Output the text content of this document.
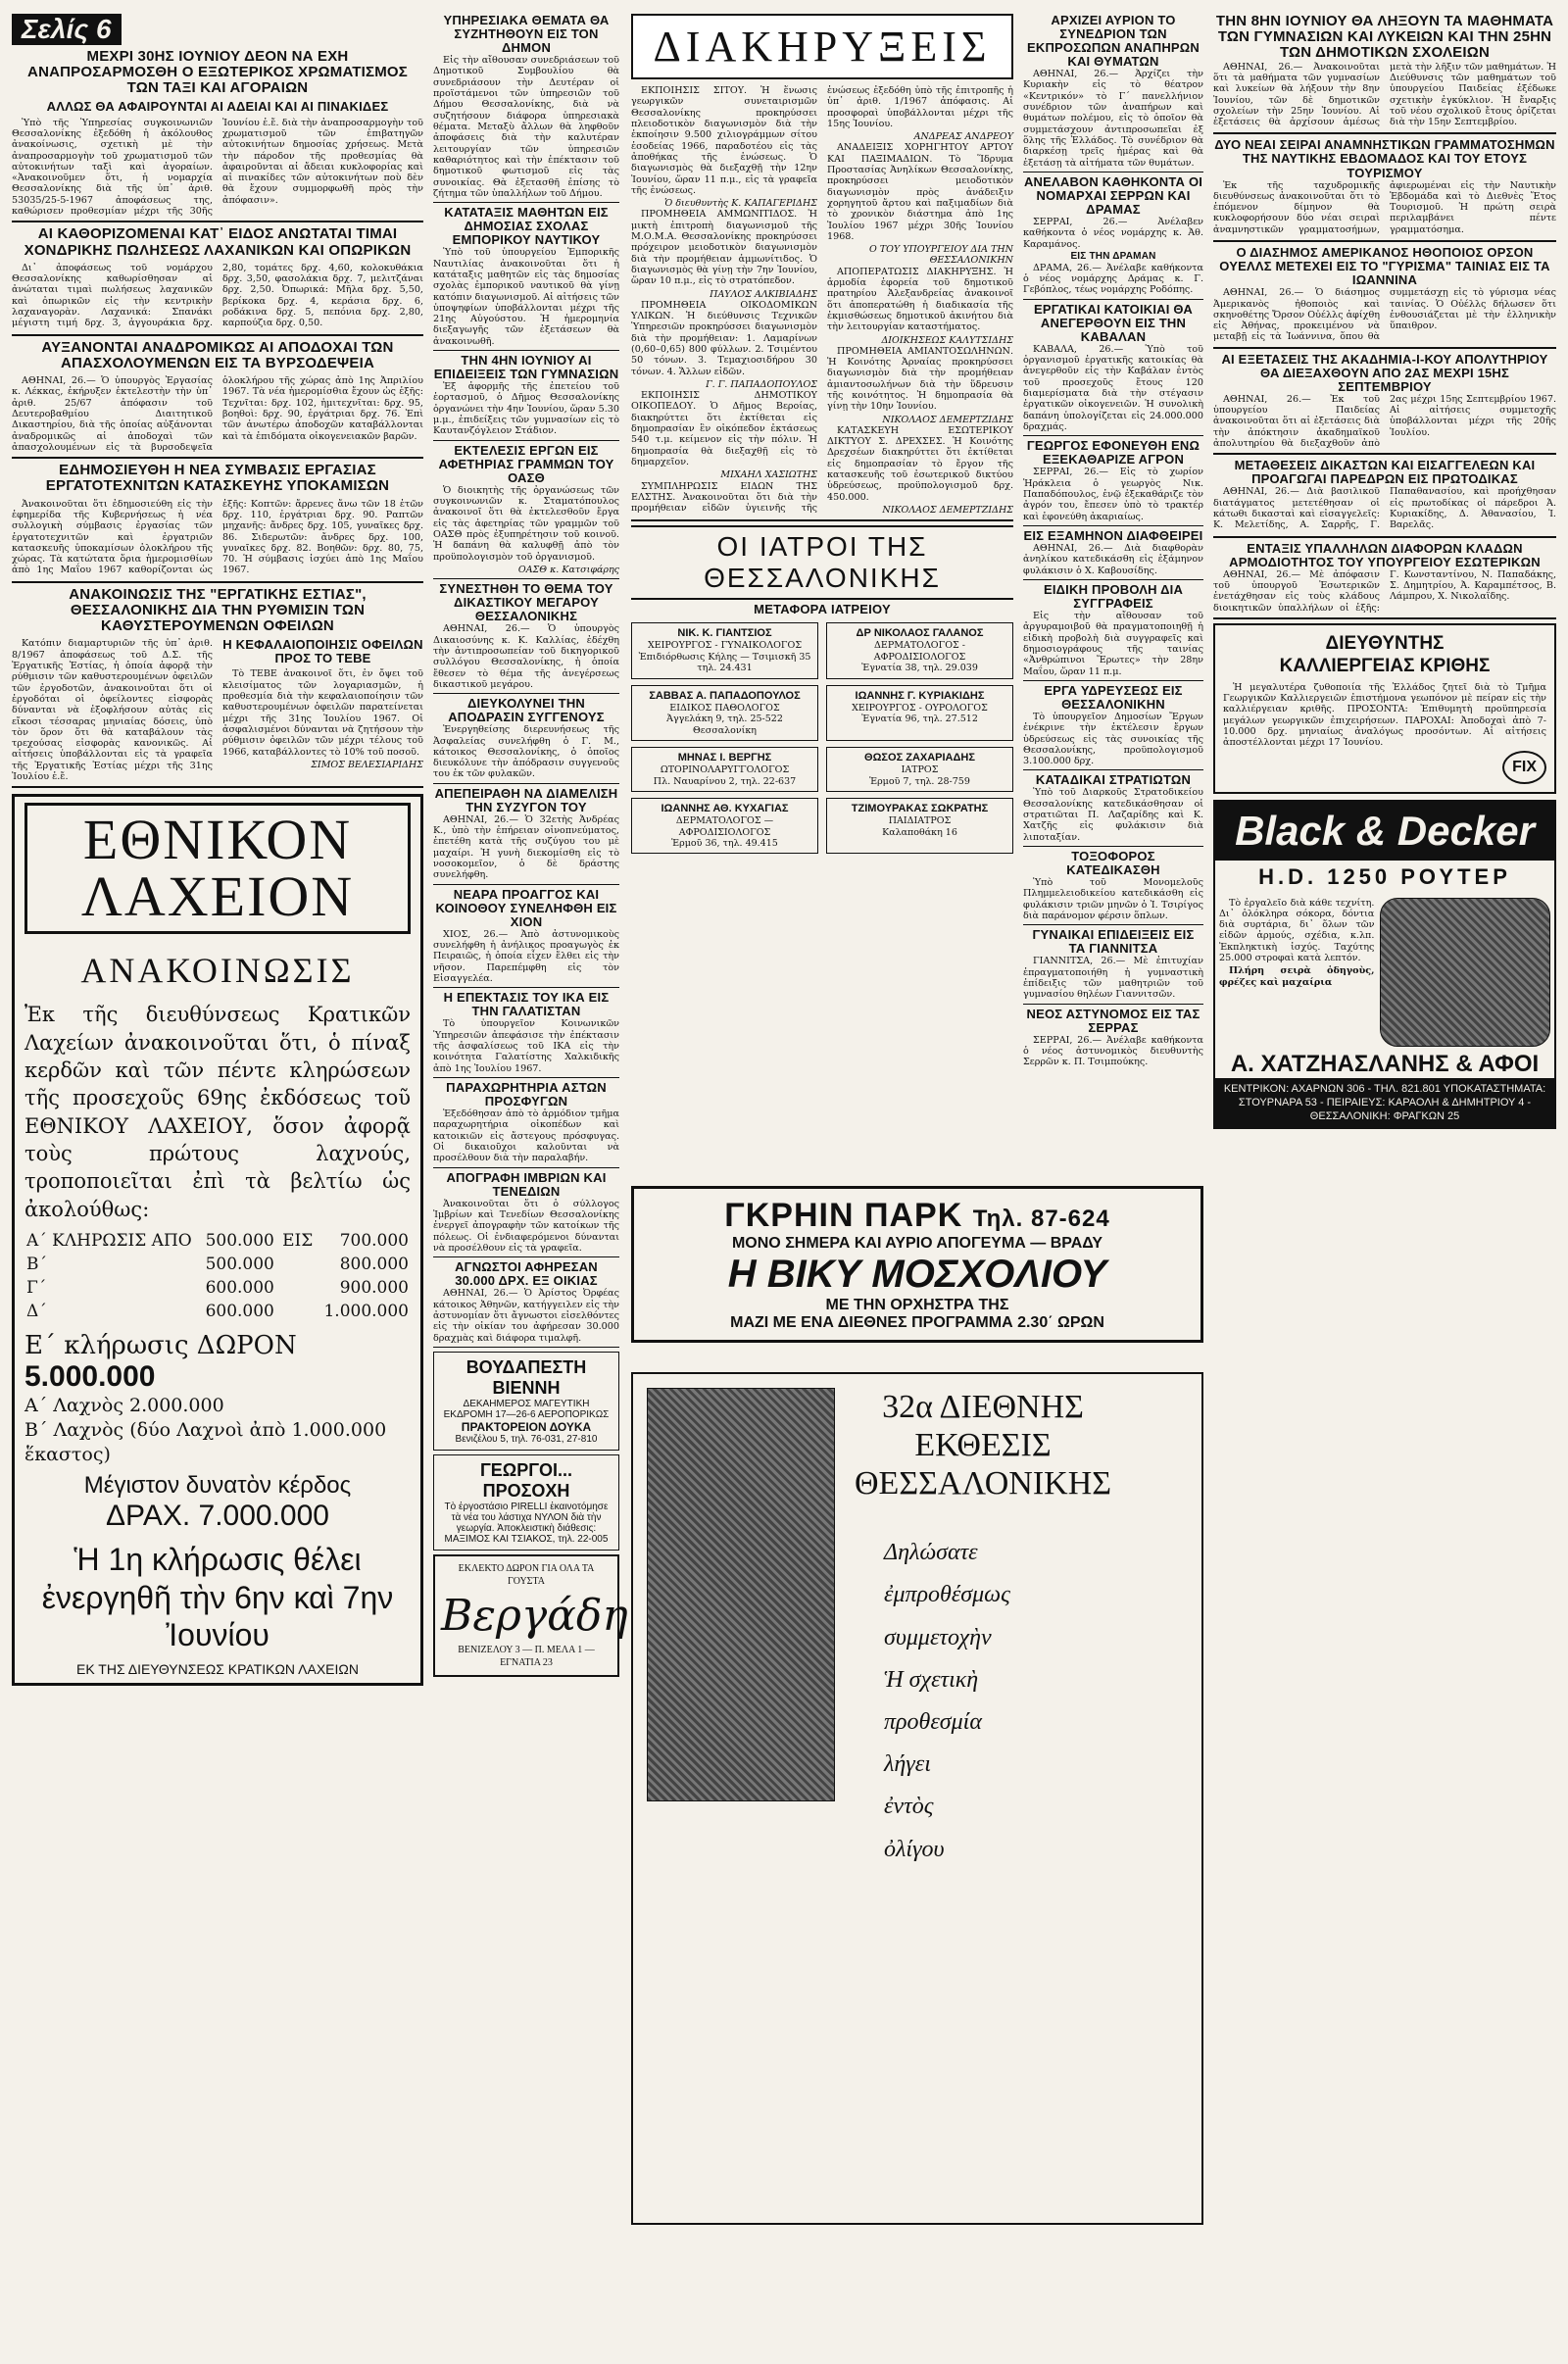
Σελίς 6
ΜΕΧΡΙ 30ΗΣ ΙΟΥΝΙΟΥ ΔΕΟΝ ΝΑ ΕΧΗ ΑΝΑΠΡΟΣΑΡΜΟΣΘΗ Ο ΕΞΩΤΕΡΙΚΟΣ ΧΡΩΜΑΤΙΣΜΟΣ ΤΩΝ ΤΑΞΙ ΚΑΙ ΑΓΟΡΑΙΩΝ
ΑΛΛΩΣ ΘΑ ΑΦΑΙΡΟΥΝΤΑΙ ΑΙ ΑΔΕΙΑΙ ΚΑΙ ΑΙ ΠΙΝΑΚΙΔΕΣ

Ὑπὸ τῆς Ὑπηρεσίας συγκοινωνιῶν Θεσσαλονίκης ἐξεδόθη ἡ ἀκόλουθος ἀνακοίνωσις, σχετικὴ μὲ τὴν ἀναπροσαρμογὴν τοῦ χρωματισμοῦ τῶν αὐτοκινήτων ταξὶ καὶ ἀγοραίων. «Ἀνακοινοῦμεν ὅτι, ἡ νομαρχία Θεσσαλονίκης διὰ τῆς ὑπ᾽ ἀριθ. 53035/25-5-1967 ἀποφάσεως της, καθώρισεν προθεσμίαν μέχρι τῆς 30ῆς Ἰουνίου ἐ.ἔ. διὰ τὴν ἀναπροσαρμογὴν τοῦ χρωματισμοῦ τῶν ἐπιβατηγῶν αὐτοκινήτων δημοσίας χρήσεως. Μετὰ τὴν πάροδον τῆς προθεσμίας θὰ ἀφαιροῦνται αἱ ἄδειαι κυκλοφορίας καὶ αἱ πινακίδες τῶν αὐτοκινήτων ποὺ δὲν θὰ ἔχουν συμμορφωθῆ πρὸς τὴν ἀπόφασιν».

ΑΙ ΚΑΘΟΡΙΖΟΜΕΝΑΙ ΚΑΤ᾽ ΕΙΔΟΣ ΑΝΩΤΑΤΑΙ ΤΙΜΑΙ ΧΟΝΔΡΙΚΗΣ ΠΩΛΗΣΕΩΣ ΛΑΧΑΝΙΚΩΝ ΚΑΙ ΟΠΩΡΙΚΩΝ

Δι᾽ ἀποφάσεως τοῦ νομάρχου Θεσσαλονίκης καθωρίσθησαν αἱ ἀνώταται τιμαὶ πωλήσεως λαχανικῶν καὶ ὀπωρικῶν εἰς τὴν κεντρικὴν λαχαναγορὰν. Λαχανικά: Σπανάκι μέγιστη τιμή δρχ. 3, ἀγγουράκια δρχ. 2,80, τομάτες δρχ. 4,60, κολοκυθάκια δρχ. 3,50, φασολάκια δρχ. 7, μελιτζάναι δρχ. 2,50. Ὀπωρικά: Μῆλα δρχ. 5,50, βερίκοκα δρχ. 4, κεράσια δρχ. 6, ροδάκινα δρχ. 5, πεπόνια δρχ. 2,80, καρπούζια δρχ. 0,50.

ΑΥΞΑΝΟΝΤΑΙ ΑΝΑΔΡΟΜΙΚΩΣ ΑΙ ΑΠΟΔΟΧΑΙ ΤΩΝ ΑΠΑΣΧΟΛΟΥΜΕΝΩΝ ΕΙΣ ΤΑ ΒΥΡΣΟΔΕΨΕΙΑ

ΑΘΗΝΑΙ, 26.— Ὁ ὑπουργὸς Ἐργασίας κ. Λέκκας, ἐκήρυξεν ἐκτελεστὴν τὴν ὑπ᾽ ἀριθ. 25/67 ἀπόφασιν τοῦ Δευτεροβαθμίου Διαιτητικοῦ Δικαστηρίου, διὰ τῆς ὁποίας αὐξάνονται ἀναδρομικῶς αἱ ἀποδοχαὶ τῶν ἀπασχολουμένων εἰς τὰ βυρσοδεψεῖα ὁλοκλήρου τῆς χώρας ἀπὸ 1ης Ἀπριλίου 1967. Τὰ νέα ἡμερομίσθια ἔχουν ὡς ἑξῆς: Τεχνῖται: δρχ. 102, ἡμιτεχνῖται: δρχ. 95, βοηθοὶ: δρχ. 90, ἐργάτριαι δρχ. 76. Ἐπὶ τῶν ἀνωτέρω ἀποδοχῶν καταβάλλονται καὶ τὰ ἐπιδόματα οἰκογενειακῶν βαρῶν.

ΕΔΗΜΟΣΙΕΥΘΗ Η ΝΕΑ ΣΥΜΒΑΣΙΣ ΕΡΓΑΣΙΑΣ ΕΡΓΑΤΟΤΕΧΝΙΤΩΝ ΚΑΤΑΣΚΕΥΗΣ ΥΠΟΚΑΜΙΣΩΝ

Ἀνακοινοῦται ὅτι ἐδημοσιεύθη εἰς τὴν ἐφημερίδα τῆς Κυβερνήσεως ἡ νέα συλλογικὴ σύμβασις ἐργασίας τῶν ἐργατοτεχνιτῶν καὶ ἐργατριῶν κατασκευῆς ὑποκαμίσων ὁλοκλήρου τῆς χώρας. Τὰ κατώτατα ὅρια ἡμερομισθίων ἀπὸ 1ης Μαΐου 1967 καθορίζονται ὡς ἑξῆς: Κοπτῶν: ἄρρενες ἄνω τῶν 18 ἐτῶν δρχ. 110, ἐργάτριαι δρχ. 90. Ραπτῶν μηχανῆς: ἄνδρες δρχ. 105, γυναῖκες δρχ. 86. Σιδερωτῶν: ἄνδρες δρχ. 100, γυναῖκες δρχ. 82. Βοηθῶν: δρχ. 80, 75, 70. Ἡ σύμβασις ἰσχύει ἀπὸ 1ης Μαΐου 1967.

ΑΝΑΚΟΙΝΩΣΙΣ ΤΗΣ "ΕΡΓΑΤΙΚΗΣ ΕΣΤΙΑΣ", ΘΕΣΣΑΛΟΝΙΚΗΣ ΔΙΑ ΤΗΝ ΡΥΘΜΙΣΙΝ ΤΩΝ ΚΑΘΥΣΤΕΡΟΥΜΕΝΩΝ ΟΦΕΙΛΩΝ

Κατόπιν διαμαρτυριῶν τῆς ὑπ᾽ ἀριθ. 8/1967 ἀποφάσεως τοῦ Δ.Σ. τῆς Ἐργατικῆς Ἑστίας, ἡ ὁποία ἀφορᾷ τὴν ρύθμισιν τῶν καθυστερουμένων ὀφειλῶν τῶν ἐργοδοτῶν, ἀνακοινοῦται ὅτι οἱ ἐργοδόται οἱ ὀφείλοντες εἰσφορὰς δύνανται νὰ ἐξοφλήσουν αὐτὰς εἰς εἴκοσι τέσσαρας μηνιαίας δόσεις, ὑπὸ τὸν ὅρον ὅτι θὰ καταβάλουν τὰς τρεχούσας εἰσφορὰς κανονικῶς. Αἱ αἰτήσεις ὑποβάλλονται εἰς τὰ γραφεῖα τῆς Ἐργατικῆς Ἑστίας μέχρι τῆς 31ης Ἰουλίου ἐ.ἔ.

Η ΚΕΦΑΛΑΙΟΠΟΙΗΣΙΣ ΟΦΕΙΛΩΝ ΠΡΟΣ ΤΟ ΤΕΒΕ

Τὸ ΤΕΒΕ ἀνακοινοῖ ὅτι, ἐν ὄψει τοῦ κλεισίματος τῶν λογαριασμῶν, ἡ προθεσμία διὰ τὴν κεφαλαιοποίησιν τῶν καθυστερουμένων ὀφειλῶν παρατείνεται μέχρι τῆς 31ης Ἰουλίου 1967. Οἱ ἀσφαλισμένοι δύνανται νὰ ζητήσουν τὴν ρύθμισιν ὀφειλῶν τῶν μέχρι τέλους τοῦ 1966, καταβάλλοντες τὸ 10% τοῦ ποσοῦ.

ΣΙΜΟΣ ΒΕΛΕΣΙΑΡΙΔΗΣ
ΕΘΝΙΚΟΝ ΛΑΧΕΙΟΝ
ΑΝΑΚΟΙΝΩΣΙΣ
Ἐκ τῆς διευθύνσεως Κρατικῶν Λαχείων ἀνακοινοῦται ὅτι, ὁ πίναξ κερδῶν καὶ τῶν πέντε κληρώσεων τῆς προσεχοῦς 69ης ἐκδόσεως τοῦ ΕΘΝΙΚΟΥ ΛΑΧΕΙΟΥ, ὅσον ἀφορᾷ τοὺς πρώτους λαχνούς, τροποποιεῖται ἐπὶ τὰ βελτίω ὡς ἀκολούθως:
Α΄ ΚΛΗΡΩΣΙΣ ΑΠΟ	500.000	ΕΙΣ	700.000
Β΄	500.000		800.000
Γ΄	600.000		900.000
Δ΄	600.000		1.000.000
Ε΄ κλήρωσις ΔΩΡΟΝ 5.000.000
Α΄ Λαχνὸς 2.000.000
Β΄ Λαχνὸς (δύο Λαχνοὶ ἀπὸ 1.000.000 ἕκαστος)
Μέγιστον δυνατὸν κέρδος
ΔΡΑΧ. 7.000.000
Ἡ 1η κλήρωσις θέλει ἐνεργηθῆ τὴν 6ην καὶ 7ην Ἰουνίου
ΕΚ ΤΗΣ ΔΙΕΥΘΥΝΣΕΩΣ ΚΡΑΤΙΚΩΝ ΛΑΧΕΙΩΝ
ΥΠΗΡΕΣΙΑΚΑ ΘΕΜΑΤΑ ΘΑ ΣΥΖΗΤΗΘΟΥΝ ΕΙΣ ΤΟΝ ΔΗΜΟΝ

Εἰς τὴν αἴθουσαν συνεδριάσεων τοῦ Δημοτικοῦ Συμβουλίου θὰ συνεδριάσουν τὴν Δευτέραν οἱ προϊστάμενοι τῶν ὑπηρεσιῶν τοῦ Δήμου Θεσσαλονίκης, διὰ νὰ συζητήσουν διάφορα ὑπηρεσιακὰ θέματα. Μεταξὺ ἄλλων θὰ ληφθοῦν ἀποφάσεις διὰ τὴν καλυτέραν λειτουργίαν τῶν ὑπηρεσιῶν καθαριότητος καὶ τὴν ἐπέκτασιν τοῦ δημοτικοῦ φωτισμοῦ εἰς τὰς συνοικίας. Θὰ ἐξετασθῆ ἐπίσης τὸ ζήτημα τῶν ὑπαλλήλων τοῦ Δήμου.

ΚΑΤΑΤΑΞΙΣ ΜΑΘΗΤΩΝ ΕΙΣ ΔΗΜΟΣΙΑΣ ΣΧΟΛΑΣ ΕΜΠΟΡΙΚΟΥ ΝΑΥΤΙΚΟΥ

Ὑπὸ τοῦ ὑπουργείου Ἐμπορικῆς Ναυτιλίας ἀνακοινοῦται ὅτι ἡ κατάταξις μαθητῶν εἰς τὰς δημοσίας σχολὰς ἐμπορικοῦ ναυτικοῦ θὰ γίνῃ κατόπιν διαγωνισμοῦ. Αἱ αἰτήσεις τῶν ὑποψηφίων ὑποβάλλονται μέχρι τῆς 21ης Αὐγούστου. Ἡ ἡμερομηνία διεξαγωγῆς τῶν ἐξετάσεων θὰ ἀνακοινωθῆ.

ΤΗΝ 4ΗΝ ΙΟΥΝΙΟΥ ΑΙ ΕΠΙΔΕΙΞΕΙΣ ΤΩΝ ΓΥΜΝΑΣΙΩΝ

Ἐξ ἀφορμῆς τῆς ἐπετείου τοῦ ἑορτασμοῦ, ὁ Δῆμος Θεσσαλονίκης ὀργανώνει τὴν 4ην Ἰουνίου, ὥραν 5.30 μ.μ., ἐπιδείξεις τῶν γυμνασίων εἰς τὸ Καυτανζόγλειον Στάδιον.

ΕΚΤΕΛΕΣΙΣ ΕΡΓΩΝ ΕΙΣ ΑΦΕΤΗΡΙΑΣ ΓΡΑΜΜΩΝ ΤΟΥ ΟΑΣΘ

Ὁ διοικητὴς τῆς ὀργανώσεως τῶν συγκοινωνιῶν κ. Σταματόπουλος ἀνακοινοῖ ὅτι θὰ ἐκτελεσθοῦν ἔργα εἰς τὰς ἀφετηρίας τῶν γραμμῶν τοῦ ΟΑΣΘ πρὸς ἐξυπηρέτησιν τοῦ κοινοῦ. Ἡ δαπάνη θὰ καλυφθῇ ἀπὸ τὸν προϋπολογισμὸν τοῦ ὀργανισμοῦ.

ΟΑΣΘ κ. Κατσιφάρης
ΣΥΝΕΣΤΗΘΗ ΤΟ ΘΕΜΑ ΤΟΥ ΔΙΚΑΣΤΙΚΟΥ ΜΕΓΑΡΟΥ ΘΕΣΣΑΛΟΝΙΚΗΣ

ΑΘΗΝΑΙ, 26.— Ὁ ὑπουργὸς Δικαιοσύνης κ. Κ. Καλλίας, ἐδέχθη τὴν ἀντιπροσωπείαν τοῦ δικηγορικοῦ συλλόγου Θεσσαλονίκης, ἡ ὁποία ἔθεσεν τὸ θέμα τῆς ἀνεγέρσεως δικαστικοῦ μεγάρου.

ΔΙΕΥΚΟΛΥΝΕΙ ΤΗΝ ΑΠΟΔΡΑΣΙΝ ΣΥΓΓΕΝΟΥΣ

Ἐνεργηθείσης διερευνήσεως τῆς Ἀσφαλείας συνελήφθη ὁ Γ. Μ., κάτοικος Θεσσαλονίκης, ὁ ὁποῖος διευκόλυνε τὴν ἀπόδρασιν συγγενοῦς του ἐκ τῶν φυλακῶν.

ΑΠΕΠΕΙΡΑΘΗ ΝΑ ΔΙΑΜΕΛΙΣΗ ΤΗΝ ΣΥΖΥΓΟΝ ΤΟΥ

ΑΘΗΝΑΙ, 26.— Ὁ 32ετὴς Ἀνδρέας Κ., ὑπὸ τὴν ἐπήρειαν οἰνοπνεύματος, ἐπετέθη κατὰ τῆς συζύγου του μὲ μαχαίρι. Ἡ γυνὴ διεκομίσθη εἰς τὸ νοσοκομεῖον, ὁ δὲ δράστης συνελήφθη.

ΝΕΑΡΑ ΠΡΟΑΓΓΟΣ ΚΑΙ ΚΟΙΝΟΘΟΥ ΣΥΝΕΛΗΦΘΗ ΕΙΣ ΧΙΟΝ

ΧΙΟΣ, 26.— Ἀπὸ ἀστυνομικοὺς συνελήφθη ἡ ἀνήλικος προαγωγὸς ἐκ Πειραιῶς, ἡ ὁποία εἶχεν ἔλθει εἰς τὴν νῆσον. Παρεπέμφθη εἰς τὸν Εἰσαγγελέα.

Η ΕΠΕΚΤΑΣΙΣ ΤΟΥ ΙΚΑ ΕΙΣ ΤΗΝ ΓΑΛΑΤΙΣΤΑΝ

Τὸ ὑπουργεῖον Κοινωνικῶν Ὑπηρεσιῶν ἀπεφάσισε τὴν ἐπέκτασιν τῆς ἀσφαλίσεως τοῦ ΙΚΑ εἰς τὴν κοινότητα Γαλατίστης Χαλκιδικῆς ἀπὸ 1ης Ἰουλίου 1967.

ΠΑΡΑΧΩΡΗΤΗΡΙΑ ΑΣΤΩΝ ΠΡΟΣΦΥΓΩΝ

Ἐξεδόθησαν ἀπὸ τὸ ἁρμόδιον τμῆμα παραχωρητήρια οἰκοπέδων καὶ κατοικιῶν εἰς ἄστεγους πρόσφυγας. Οἱ δικαιοῦχοι καλοῦνται νὰ προσέλθουν διὰ τὴν παραλαβήν.

ΑΠΟΓΡΑΦΗ ΙΜΒΡΙΩΝ ΚΑΙ ΤΕΝΕΔΙΩΝ

Ἀνακοινοῦται ὅτι ὁ σύλλογος Ἰμβρίων καὶ Τενεδίων Θεσσαλονίκης ἐνεργεῖ ἀπογραφὴν τῶν κατοίκων τῆς πόλεως. Οἱ ἐνδιαφερόμενοι δύνανται νὰ προσέλθουν εἰς τὰ γραφεῖα.

ΑΓΝΩΣΤΟΙ ΑΦΗΡΕΣΑΝ 30.000 ΔΡΧ. ΕΞ ΟΙΚΙΑΣ

ΑΘΗΝΑΙ, 26.— Ὁ Ἀρίστος Ὀρφέας κάτοικος Ἀθηνῶν, κατήγγειλεν εἰς τὴν ἀστυνομίαν ὅτι ἄγνωστοι εἰσελθόντες εἰς τὴν οἰκίαν του ἀφήρεσαν 30.000 δραχμὰς καὶ διάφορα τιμαλφῆ.

ΒΟΥΔΑΠΕΣΤΗ
ΒΙΕΝΝΗ
ΔΕΚΑΗΜΕΡΟΣ ΜΑΓΕΥΤΙΚΗ ΕΚΔΡΟΜΗ 17—26-6 ΑΕΡΟΠΟΡΙΚΩΣ
ΠΡΑΚΤΟΡΕΙΟΝ ΔΟΥΚΑ
Βενιζέλου 5, τηλ. 76-031, 27-810
ΓΕΩΡΓΟΙ... ΠΡΟΣΟΧΗ
Τὸ ἐργοστάσιο PIRELLI ἐκαινοτόμησε τὰ νέα του λάστιχα ΝΥΛΟΝ διὰ τὴν γεωργία. Ἀποκλειστικὴ διάθεσις: ΜΑΞΙΜΟΣ ΚΑΙ ΤΣΙΑΚΟΣ, τηλ. 22-005
ΕΚΛΕΚΤΟ ΔΩΡΟΝ ΓΙΑ ΟΛΑ ΤΑ ΓΟΥΣΤΑ
Βεργάδη
ΒΕΝΙΖΕΛΟΥ 3 — Π. ΜΕΛΑ 1 — ΕΓΝΑΤΙΑ 23
ΔΙΑΚΗΡΥΞΕΙΣ

ΕΚΠΟΙΗΣΙΣ ΣΙΤΟΥ. Ἡ ἕνωσις γεωργικῶν συνεταιρισμῶν Θεσσαλονίκης προκηρύσσει πλειοδοτικὸν διαγωνισμὸν διὰ τὴν ἐκποίησιν 9.500 χιλιογράμμων σίτου ἐσοδείας 1966, παραδοτέου εἰς τὰς ἀποθήκας τῆς ἑνώσεως. Ὁ διαγωνισμὸς θὰ διεξαχθῇ τὴν 12ην Ἰουνίου, ὥραν 11 π.μ., εἰς τὰ γραφεῖα τῆς ἑνώσεως.

Ὁ διευθυντὴς Κ. ΚΑΠΑΓΕΡΙΔΗΣ

ΠΡΟΜΗΘΕΙΑ ΑΜΜΩΝΙΤΙΔΟΣ. Ἡ μικτὴ ἐπιτροπὴ διαγωνισμοῦ τῆς Μ.Ο.Μ.Α. Θεσσαλονίκης προκηρύσσει πρόχειρον μειοδοτικὸν διαγωνισμὸν διὰ τὴν προμήθειαν ἀμμωνίτιδος. Ὁ διαγωνισμὸς θὰ γίνῃ τὴν 7ην Ἰουνίου, ὥραν 10 π.μ., εἰς τὸ στρατόπεδον.

ΠΑΥΛΟΣ ΑΛΚΙΒΙΑΔΗΣ

ΠΡΟΜΗΘΕΙΑ ΟΙΚΟΔΟΜΙΚΩΝ ΥΛΙΚΩΝ. Ἡ διεύθυνσις Τεχνικῶν Ὑπηρεσιῶν προκηρύσσει διαγωνισμὸν διὰ τὴν προμήθειαν: 1. Λαμαρίνων (0,60–0,65) 800 φύλλων. 2. Τσιμέντου 50 τόνων. 3. Τεμαχιοσιδήρου 30 τόνων. 4. Ἄλλων εἰδῶν.

Γ. Γ. ΠΑΠΑΔΟΠΟΥΛΟΣ

ΕΚΠΟΙΗΣΙΣ ΔΗΜΟΤΙΚΟΥ ΟΙΚΟΠΕΔΟΥ. Ὁ Δῆμος Βεροίας, διακηρύττει ὅτι ἐκτίθεται εἰς δημοπρασίαν ἓν οἰκόπεδον ἐκτάσεως 540 τ.μ. κείμενον εἰς τὴν πόλιν. Ἡ δημοπρασία θὰ διεξαχθῇ εἰς τὸ δημαρχεῖον.

ΜΙΧΑΗΛ ΧΑΣΙΩΤΗΣ

ΣΥΜΠΛΗΡΩΣΙΣ ΕΙΔΩΝ ΤΗΣ ΕΛΣΤΗΣ. Ἀνακοινοῦται ὅτι διὰ τὴν προμήθειαν εἰδῶν ὑγιεινῆς τῆς ἑνώσεως ἐξεδόθη ὑπὸ τῆς ἐπιτροπῆς ἡ ὑπ᾽ ἀριθ. 1/1967 ἀπόφασις. Αἱ προσφοραὶ ὑποβάλλονται μέχρι τῆς 15ης Ἰουνίου.

ΑΝΔΡΕΑΣ ΑΝΔΡΕΟΥ

ΑΝΑΔΕΙΞΙΣ ΧΟΡΗΓΗΤΟΥ ΑΡΤΟΥ ΚΑΙ ΠΑΞΙΜΑΔΙΩΝ. Τὸ Ἵδρυμα Προστασίας Ἀνηλίκων Θεσσαλονίκης, προκηρύσσει μειοδοτικὸν διαγωνισμὸν πρὸς ἀνάδειξιν χορηγητοῦ ἄρτου καὶ παξιμαδίων διὰ τὸ χρονικὸν διάστημα ἀπὸ 1ης Ἰουλίου 1967 μέχρι 30ῆς Ἰουνίου 1968.

Ο ΤΟΥ ΥΠΟΥΡΓΕΙΟΥ ΔΙΑ ΤΗΝ ΘΕΣΣΑΛΟΝΙΚΗΝ

ΑΠΟΠΕΡΑΤΩΣΙΣ ΔΙΑΚΗΡΥΞΗΣ. Ἡ ἁρμοδία ἐφορεία τοῦ δημοτικοῦ πρατηρίου Ἀλεξανδρείας ἀνακοινοῖ ὅτι ἀποπερατώθη ἡ διαδικασία τῆς ἐκμισθώσεως δημοτικοῦ ἀκινήτου διὰ τὴν λειτουργίαν καταστήματος.

ΔΙΟΙΚΗΣΕΩΣ ΚΑΛΥΤΣΙΔΗΣ

ΠΡΟΜΗΘΕΙΑ ΑΜΙΑΝΤΟΣΩΛΗΝΩΝ. Ἡ Κοινότης Ἀρναίας προκηρύσσει διαγωνισμὸν διὰ τὴν προμήθειαν ἀμιαντοσωλήνων διὰ τὴν ὕδρευσιν τῆς κοινότητος. Ἡ δημοπρασία θὰ γίνῃ τὴν 10ην Ἰουνίου.

ΝΙΚΟΛΑΟΣ ΔΕΜΕΡΤΖΙΔΗΣ

ΚΑΤΑΣΚΕΥΗ ΕΣΩΤΕΡΙΚΟΥ ΔΙΚΤΥΟΥ Σ. ΔΡΕΧΣΕΣ. Ἡ Κοινότης Δρεχσέων διακηρύττει ὅτι ἐκτίθεται εἰς δημοπρασίαν τὸ ἔργον τῆς κατασκευῆς τοῦ ἐσωτερικοῦ δικτύου ὑδρεύσεως, προϋπολογισμοῦ δρχ. 450.000.

ΝΙΚΟΛΑΟΣ ΔΕΜΕΡΤΖΙΔΗΣ
ΟΙ ΙΑΤΡΟΙ ΤΗΣ ΘΕΣΣΑΛΟΝΙΚΗΣ
ΜΕΤΑΦΟΡΑ ΙΑΤΡΕΙΟΥ
ΝΙΚ. Κ. ΓΙΑΝΤΣΙΟΣ
ΧΕΙΡΟΥΡΓΟΣ - ΓΥΝΑΙΚΟΛΟΓΟΣ
Ἐπιδιόρθωσις Κήλης — Τσιμισκῆ 35 τηλ. 24.431
ΔΡ ΝΙΚΟΛΑΟΣ ΓΑΛΑΝΟΣ
ΔΕΡΜΑΤΟΛΟΓΟΣ - ΑΦΡΟΔΙΣΙΟΛΟΓΟΣ
Ἐγνατία 38, τηλ. 29.039
ΣΑΒΒΑΣ Α. ΠΑΠΑΔΟΠΟΥΛΟΣ
ΕΙΔΙΚΟΣ ΠΑΘΟΛΟΓΟΣ
Ἀγγελάκη 9, τηλ. 25-522 Θεσσαλονίκη
ΙΩΑΝΝΗΣ Γ. ΚΥΡΙΑΚΙΔΗΣ
ΧΕΙΡΟΥΡΓΟΣ - ΟΥΡΟΛΟΓΟΣ
Ἐγνατία 96, τηλ. 27.512
ΜΗΝΑΣ Ι. ΒΕΡΓΗΣ
ΩΤΟΡΙΝΟΛΑΡΥΓΓΟΛΟΓΟΣ
Πλ. Ναυαρίνου 2, τηλ. 22-637
ΘΩΣΟΣ ΖΑΧΑΡΙΑΔΗΣ
ΙΑΤΡΟΣ
Ἑρμοῦ 7, τηλ. 28-759
ΙΩΑΝΝΗΣ ΑΘ. ΚΥΧΑΓΙΑΣ
ΔΕΡΜΑΤΟΛΟΓΟΣ — ΑΦΡΟΔΙΣΙΟΛΟΓΟΣ
Ἑρμοῦ 36, τηλ. 49.415
ΤΖΙΜΟΥΡΑΚΑΣ ΣΩΚΡΑΤΗΣ
ΠΑΙΔΙΑΤΡΟΣ
Καλαποθάκη 16
ΓΚΡΗΙΝ ΠΑΡΚ Τηλ. 87-624
ΜΟΝΟ ΣΗΜΕΡΑ ΚΑΙ ΑΥΡΙΟ ΑΠΟΓΕΥΜΑ — ΒΡΑΔΥ
Η ΒΙΚΥ ΜΟΣΧΟΛΙΟΥ
ΜΕ ΤΗΝ ΟΡΧΗΣΤΡΑ ΤΗΣ
ΜΑΖΙ ΜΕ ΕΝΑ ΔΙΕΘΝΕΣ ΠΡΟΓΡΑΜΜΑ 2.30΄ ΩΡΩΝ
32α ΔΙΕΘΝΗΣ
ΕΚΘΕΣΙΣ
ΘΕΣΣΑΛΟΝΙΚΗΣ
Δηλώσατε
ἐμπροθέσμως
συμμετοχὴν
Ἡ σχετικὴ
προθεσμία
λήγει
ἐντὸς
ὀλίγου
ΑΡΧΙΖΕΙ ΑΥΡΙΟΝ ΤΟ ΣΥΝΕΔΡΙΟΝ ΤΩΝ ΕΚΠΡΟΣΩΠΩΝ ΑΝΑΠΗΡΩΝ ΚΑΙ ΘΥΜΑΤΩΝ

ΑΘΗΝΑΙ, 26.— Ἀρχίζει τὴν Κυριακὴν εἰς τὸ θέατρον «Κεντρικόν» τὸ Γ΄ πανελλήνιον συνέδριον τῶν ἀναπήρων καὶ θυμάτων πολέμου, εἰς τὸ ὁποῖον θὰ συμμετάσχουν ἀντιπροσωπεῖαι ἐξ ὅλης τῆς Ἑλλάδος. Τὸ συνέδριον θὰ διαρκέσῃ τρεῖς ἡμέρας καὶ θὰ ἐξετάσῃ τὰ αἰτήματα τῶν θυμάτων.

ΑΝΕΛΑΒΟΝ ΚΑΘΗΚΟΝΤΑ ΟΙ ΝΟΜΑΡΧΑΙ ΣΕΡΡΩΝ ΚΑΙ ΔΡΑΜΑΣ

ΣΕΡΡΑΙ, 26.— Ἀνέλαβεν καθήκοντα ὁ νέος νομάρχης κ. Ἀθ. Καραμάνος.

ΕΙΣ ΤΗΝ ΔΡΑΜΑΝ

ΔΡΑΜΑ, 26.— Ἀνέλαβε καθήκοντα ὁ νέος νομάρχης Δράμας κ. Γ. Γεβόπλος, τέως νομάρχης Ροδόπης.

ΕΡΓΑΤΙΚΑΙ ΚΑΤΟΙΚΙΑΙ ΘΑ ΑΝΕΓΕΡΘΟΥΝ ΕΙΣ ΤΗΝ ΚΑΒΑΛΑΝ

ΚΑΒΑΛΑ, 26.— Ὑπὸ τοῦ ὀργανισμοῦ ἐργατικῆς κατοικίας θὰ ἀνεγερθοῦν εἰς τὴν Καβάλαν ἐντὸς τοῦ προσεχοῦς ἔτους 120 διαμερίσματα διὰ τὴν στέγασιν ἐργατικῶν οἰκογενειῶν. Ἡ συνολικὴ δαπάνη ὑπολογίζεται εἰς 24.000.000 δραχμάς.

ΓΕΩΡΓΟΣ ΕΦΟΝΕΥΘΗ ΕΝΩ ΕΞΕΚΑΘΑΡΙΖΕ ΑΓΡΟΝ

ΣΕΡΡΑΙ, 26.— Εἰς τὸ χωρίον Ἡράκλεια ὁ γεωργὸς Νικ. Παπαδόπουλος, ἐνῷ ἐξεκαθάριζε τὸν ἀγρόν του, ἔπεσεν ὑπὸ τὸ τρακτέρ καὶ ἐφονεύθη ἀκαριαίως.

ΕΙΣ ΕΞΑΜΗΝΟΝ ΔΙΑΦΘΕΙΡΕΙ

ΑΘΗΝΑΙ, 26.— Διὰ διαφθορὰν ἀνηλίκου κατεδικάσθη εἰς ἑξάμηνον φυλάκισιν ὁ Χ. Καβουσίδης.

ΕΙΔΙΚΗ ΠΡΟΒΟΛΗ ΔΙΑ ΣΥΓΓΡΑΦΕΙΣ

Εἰς τὴν αἴθουσαν τοῦ ἀργυραμοιβοῦ θὰ πραγματοποιηθῇ ἡ εἰδικὴ προβολὴ διὰ συγγραφεῖς καὶ δημοσιογράφους τῆς ταινίας «Ἀνθρώπινοι Ἔρωτες» τὴν 28ην Μαΐου, ὥραν 11 π.μ.

ΕΡΓΑ ΥΔΡΕΥΣΕΩΣ ΕΙΣ ΘΕΣΣΑΛΟΝΙΚΗΝ

Τὸ ὑπουργεῖον Δημοσίων Ἔργων ἐνέκρινε τὴν ἐκτέλεσιν ἔργων ὑδρεύσεως εἰς τὰς συνοικίας τῆς Θεσσαλονίκης, προϋπολογισμοῦ 3.100.000 δρχ.

ΚΑΤΑΔΙΚΑΙ ΣΤΡΑΤΙΩΤΩΝ

Ὑπὸ τοῦ Διαρκοῦς Στρατοδικείου Θεσσαλονίκης κατεδικάσθησαν οἱ στρατιῶται Π. Λαζαρίδης καὶ Κ. Χατζῆς εἰς φυλάκισιν διὰ λιποταξίαν.

ΤΟΞΟΦΟΡΟΣ ΚΑΤΕΔΙΚΑΣΘΗ

Ὑπὸ τοῦ Μονομελοῦς Πλημμελειοδικείου κατεδικάσθη εἰς φυλάκισιν τριῶν μηνῶν ὁ Ἰ. Τσιρίγος διὰ παράνομον φέρσιν ὅπλων.

ΓΥΝΑΙΚΑΙ ΕΠΙΔΕΙΞΕΙΣ ΕΙΣ ΤΑ ΓΙΑΝΝΙΤΣΑ

ΓΙΑΝΝΙΤΣΑ, 26.— Μὲ ἐπιτυχίαν ἐπραγματοποιήθη ἡ γυμναστικὴ ἐπίδειξις τῶν μαθητριῶν τοῦ γυμνασίου θηλέων Γιαννιτσῶν.

ΝΕΟΣ ΑΣΤΥΝΟΜΟΣ ΕΙΣ ΤΑΣ ΣΕΡΡΑΣ

ΣΕΡΡΑΙ, 26.— Ἀνέλαβε καθήκοντα ὁ νέος ἀστυνομικὸς διευθυντὴς Σερρῶν κ. Π. Τσιμπούκης.

ΤΗΝ 8ΗΝ ΙΟΥΝΙΟΥ ΘΑ ΛΗΞΟΥΝ ΤΑ ΜΑΘΗΜΑΤΑ ΤΩΝ ΓΥΜΝΑΣΙΩΝ ΚΑΙ ΛΥΚΕΙΩΝ ΚΑΙ ΤΗΝ 25ΗΝ ΤΩΝ ΔΗΜΟΤΙΚΩΝ ΣΧΟΛΕΙΩΝ

ΑΘΗΝΑΙ, 26.— Ἀνακοινοῦται ὅτι τὰ μαθήματα τῶν γυμνασίων καὶ λυκείων θὰ λήξουν τὴν 8ην Ἰουνίου, τῶν δὲ δημοτικῶν σχολείων τὴν 25ην Ἰουνίου. Αἱ ἐξετάσεις θὰ ἀρχίσουν ἀμέσως μετὰ τὴν λῆξιν τῶν μαθημάτων. Ἡ Διεύθυνσις τῶν μαθημάτων τοῦ ὑπουργείου Παιδείας ἐξέδωκε σχετικὴν ἐγκύκλιον. Ἡ ἔναρξις τοῦ νέου σχολικοῦ ἔτους ὁρίζεται διὰ τὴν 15ην Σεπτεμβρίου.

ΔΥΟ ΝΕΑΙ ΣΕΙΡΑΙ ΑΝΑΜΝΗΣΤΙΚΩΝ ΓΡΑΜΜΑΤΟΣΗΜΩΝ ΤΗΣ ΝΑΥΤΙΚΗΣ ΕΒΔΟΜΑΔΟΣ ΚΑΙ ΤΟΥ ΕΤΟΥΣ ΤΟΥΡΙΣΜΟΥ

Ἐκ τῆς ταχυδρομικῆς διευθύνσεως ἀνακοινοῦται ὅτι τὸ ἑπόμενον δίμηνον θὰ κυκλοφορήσουν δύο νέαι σειραὶ ἀναμνηστικῶν γραμματοσήμων, ἀφιερωμέναι εἰς τὴν Ναυτικὴν Ἑβδομάδα καὶ τὸ Διεθνὲς Ἔτος Τουρισμοῦ. Ἡ πρώτη σειρὰ περιλαμβάνει πέντε γραμματόσημα.

Ο ΔΙΑΣΗΜΟΣ ΑΜΕΡΙΚΑΝΟΣ ΗΘΟΠΟΙΟΣ ΟΡΣΟΝ ΟΥΕΛΛΣ ΜΕΤΕΧΕΙ ΕΙΣ ΤΟ "ΓΥΡΙΣΜΑ" ΤΑΙΝΙΑΣ ΕΙΣ ΤΑ ΙΩΑΝΝΙΝΑ

ΑΘΗΝΑΙ, 26.— Ὁ διάσημος Ἀμερικανὸς ἠθοποιὸς καὶ σκηνοθέτης Ὄρσον Οὐέλλς ἀφίχθη εἰς Ἀθήνας, προκειμένου νὰ μεταβῇ εἰς τὰ Ἰωάννινα, ὅπου θὰ συμμετάσχῃ εἰς τὸ γύρισμα νέας ταινίας. Ὁ Οὐέλλς δήλωσεν ὅτι ἐνθουσιάζεται μὲ τὴν ἑλληνικὴν ὕπαιθρον.

ΑΙ ΕΞΕΤΑΣΕΙΣ ΤΗΣ ΑΚΑΔΗΜΙΑ-Ι-ΚΟΥ ΑΠΟΛΥΤΗΡΙΟΥ ΘΑ ΔΙΕΞΑΧΘΟΥΝ ΑΠΟ 2ΑΣ ΜΕΧΡΙ 15ΗΣ ΣΕΠΤΕΜΒΡΙΟΥ

ΑΘΗΝΑΙ, 26.— Ἐκ τοῦ ὑπουργείου Παιδείας ἀνακοινοῦται ὅτι αἱ ἐξετάσεις διὰ τὴν ἀπόκτησιν ἀκαδημαϊκοῦ ἀπολυτηρίου θὰ διεξαχθοῦν ἀπὸ 2ας μέχρι 15ης Σεπτεμβρίου 1967. Αἱ αἰτήσεις συμμετοχῆς ὑποβάλλονται μέχρι τῆς 20ῆς Ἰουλίου.

ΜΕΤΑΘΕΣΕΙΣ ΔΙΚΑΣΤΩΝ ΚΑΙ ΕΙΣΑΓΓΕΛΕΩΝ ΚΑΙ ΠΡΟΑΓΩΓΑΙ ΠΑΡΕΔΡΩΝ ΕΙΣ ΠΡΩΤΟΔΙΚΑΣ

ΑΘΗΝΑΙ, 26.— Διὰ βασιλικοῦ διατάγματος μετετέθησαν οἱ κάτωθι δικασταὶ καὶ εἰσαγγελεῖς: Κ. Μελετίδης, Α. Σαρρῆς, Γ. Παπαθανασίου, καὶ προήχθησαν εἰς πρωτοδίκας οἱ πάρεδροι Ἀ. Κυριακίδης, Δ. Ἀθανασίου, Ἰ. Βαρελᾶς.

ΕΝΤΑΞΙΣ ΥΠΑΛΛΗΛΩΝ ΔΙΑΦΟΡΩΝ ΚΛΑΔΩΝ ΑΡΜΟΔΙΟΤΗΤΟΣ ΤΟΥ ΥΠΟΥΡΓΕΙΟΥ ΕΣΩΤΕΡΙΚΩΝ

ΑΘΗΝΑΙ, 26.— Μὲ ἀπόφασιν τοῦ ὑπουργοῦ Ἐσωτερικῶν ἐνετάχθησαν εἰς τοὺς κλάδους διοικητικῶν ὑπαλλήλων οἱ ἑξῆς: Γ. Κωνσταντίνου, Ν. Παπαδάκης, Σ. Δημητρίου, Ἀ. Καραμπέτσος, Β. Λάμπρου, Χ. Νικολαΐδης.

ΔΙΕΥΘΥΝΤΗΣ
ΚΑΛΛΙΕΡΓΕΙΑΣ ΚΡΙΘΗΣ

Ἡ μεγαλυτέρα ζυθοποιία τῆς Ἑλλάδος ζητεῖ διὰ τὸ Τμῆμα Γεωργικῶν Καλλιεργειῶν ἐπιστήμονα γεωπόνον μὲ πείραν εἰς τὴν καλλιέργειαν κριθῆς. ΠΡΟΣΟΝΤΑ: Ἐπιθυμητὴ προϋπηρεσία μεγάλων γεωργικῶν ἐπιχειρήσεων. ΠΑΡΟΧΑΙ: Ἀποδοχαὶ ἀπὸ 7-10.000 δρχ. μηνιαίως ἀναλόγως προσόντων. Αἱ αἰτήσεις ἀποστέλλονται μέχρι 17 Ἰουνίου.

FIX
Black & Decker
H.D. 1250 ΡΟΥΤΕΡ

Τὸ ἐργαλεῖο διὰ κάθε τεχνίτη. Δι᾽ ὁλόκληρα σόκορα, δόντια διὰ συρτάρια, δι᾽ ὅλων τῶν εἰδῶν ἀρμούς, σχέδια, κ.λπ. Ἐκπληκτικὴ ἰσχύς. Ταχύτης 25.000 στροφαὶ κατὰ λεπτόν.

Πλήρη σειρὰ ὁδηγοὺς, φρέζες καὶ μαχαίρια

Α. ΧΑΤΖΗΑΣΛΑΝΗΣ & ΑΦΟΙ
ΚΕΝΤΡΙΚΟΝ: ΑΧΑΡΝΩΝ 306 - ΤΗΛ. 821.801 ΥΠΟΚΑΤΑΣΤΗΜΑΤΑ: ΣΤΟΥΡΝΑΡΑ 53 - ΠΕΙΡΑΙΕΥΣ: ΚΑΡΑΟΛΗ & ΔΗΜΗΤΡΙΟΥ 4 - ΘΕΣΣΑΛΟΝΙΚΗ: ΦΡΑΓΚΩΝ 25
